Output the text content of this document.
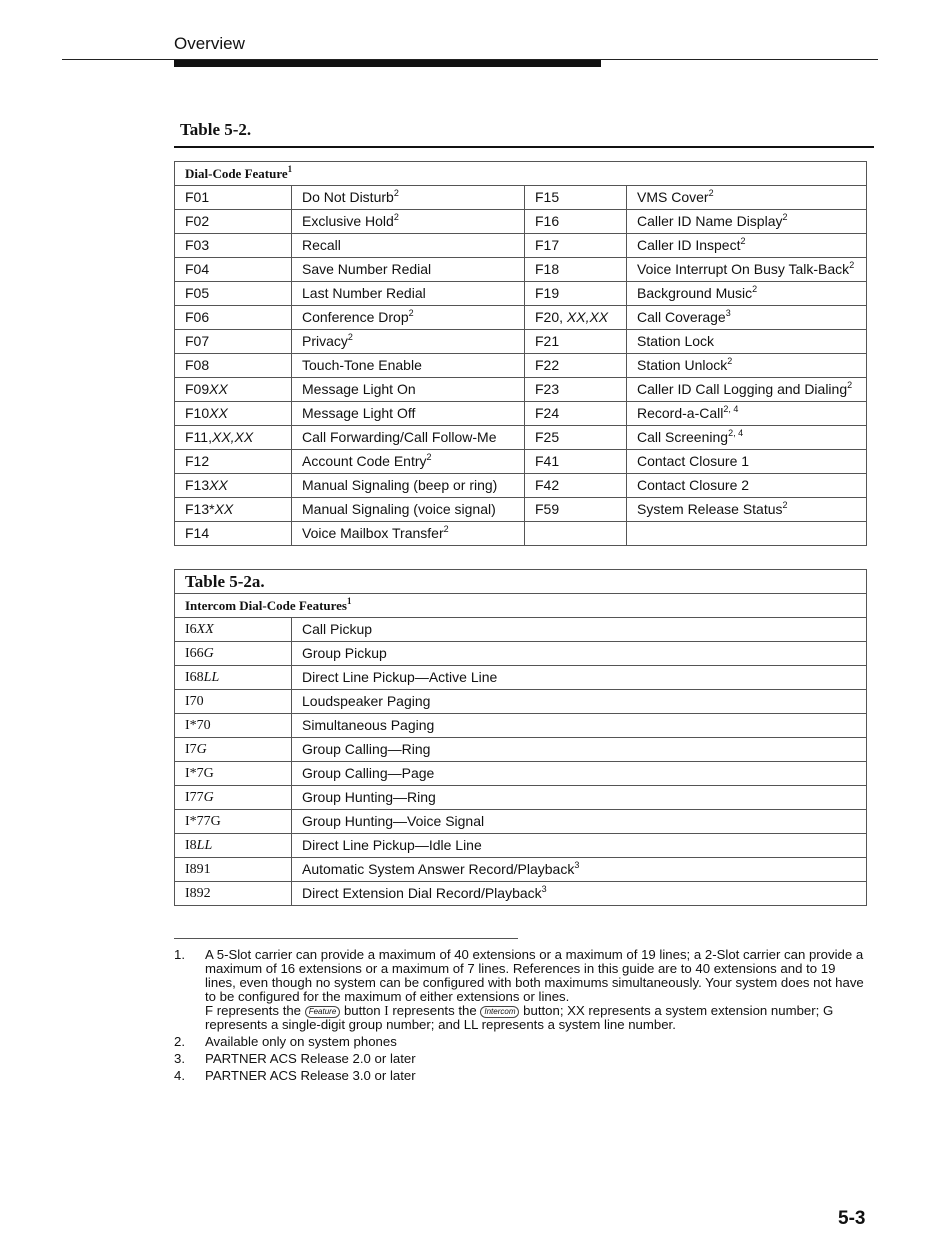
Overview
Table 5-2.
Dial-Code Feature$^1$
F01	Do Not Disturb$^2$	F15	VMS Cover$^2$
F02	Exclusive Hold$^2$	F16	Caller ID Name Display$^2$
F03	Recall	F17	Caller ID Inspect$^2$
F04	Save Number Redial	F18	Voice Interrupt On Busy Talk-Back$^2$
F05	Last Number Redial	F19	Background Music$^2$
F06	Conference Drop$^2$	F20, XX,XX	Call Coverage$^3$
F07	Privacy$^2$	F21	Station Lock
F08	Touch-Tone Enable	F22	Station Unlock$^2$
F09XX	Message Light On	F23	Caller ID Call Logging and Dialing$^2$
F10XX	Message Light Off	F24	Record-a-Call$^{2, 4}$
F11,XX,XX	Call Forwarding/Call Follow-Me	F25	Call Screening$^{2, 4}$
F12	Account Code Entry$^2$	F41	Contact Closure 1
F13XX	Manual Signaling (beep or ring)	F42	Contact Closure 2
F13*XX	Manual Signaling (voice signal)	F59	System Release Status$^2$
F14	Voice Mailbox Transfer$^2$		
Table 5-2a.	
Intercom Dial-Code Features$^1$
I6XX	Call Pickup
I66G	Group Pickup
I68LL	Direct Line Pickup—Active Line
I70	Loudspeaker Paging
I*70	Simultaneous Paging
I7G	Group Calling—Ring
I*7G	Group Calling—Page
I77G	Group Hunting—Ring
I*77G	Group Hunting—Voice Signal
I8LL	Direct Line Pickup—Idle Line
I891	Automatic System Answer Record/Playback$^3$
I892	Direct Extension Dial Record/Playback$^3$
1.	A 5-Slot carrier can provide a maximum of 40 extensions or a maximum of 19 lines; a 2-Slot carrier can provide a maximum of 16 extensions or a maximum of 7 lines. References in this guide are to 40 extensions and to 19 lines, even though no system can be configured with both maximums simultaneously. Your system does not have to be configured for the maximum of either extensions or lines.
F represents the Feature button I represents the Intercom button; XX represents a system extension number; G represents a single-digit group number; and LL represents a system line number.
2.	Available only on system phones
3.	PARTNER ACS Release 2.0 or later
4.	PARTNER ACS Release 3.0 or later
5-3
